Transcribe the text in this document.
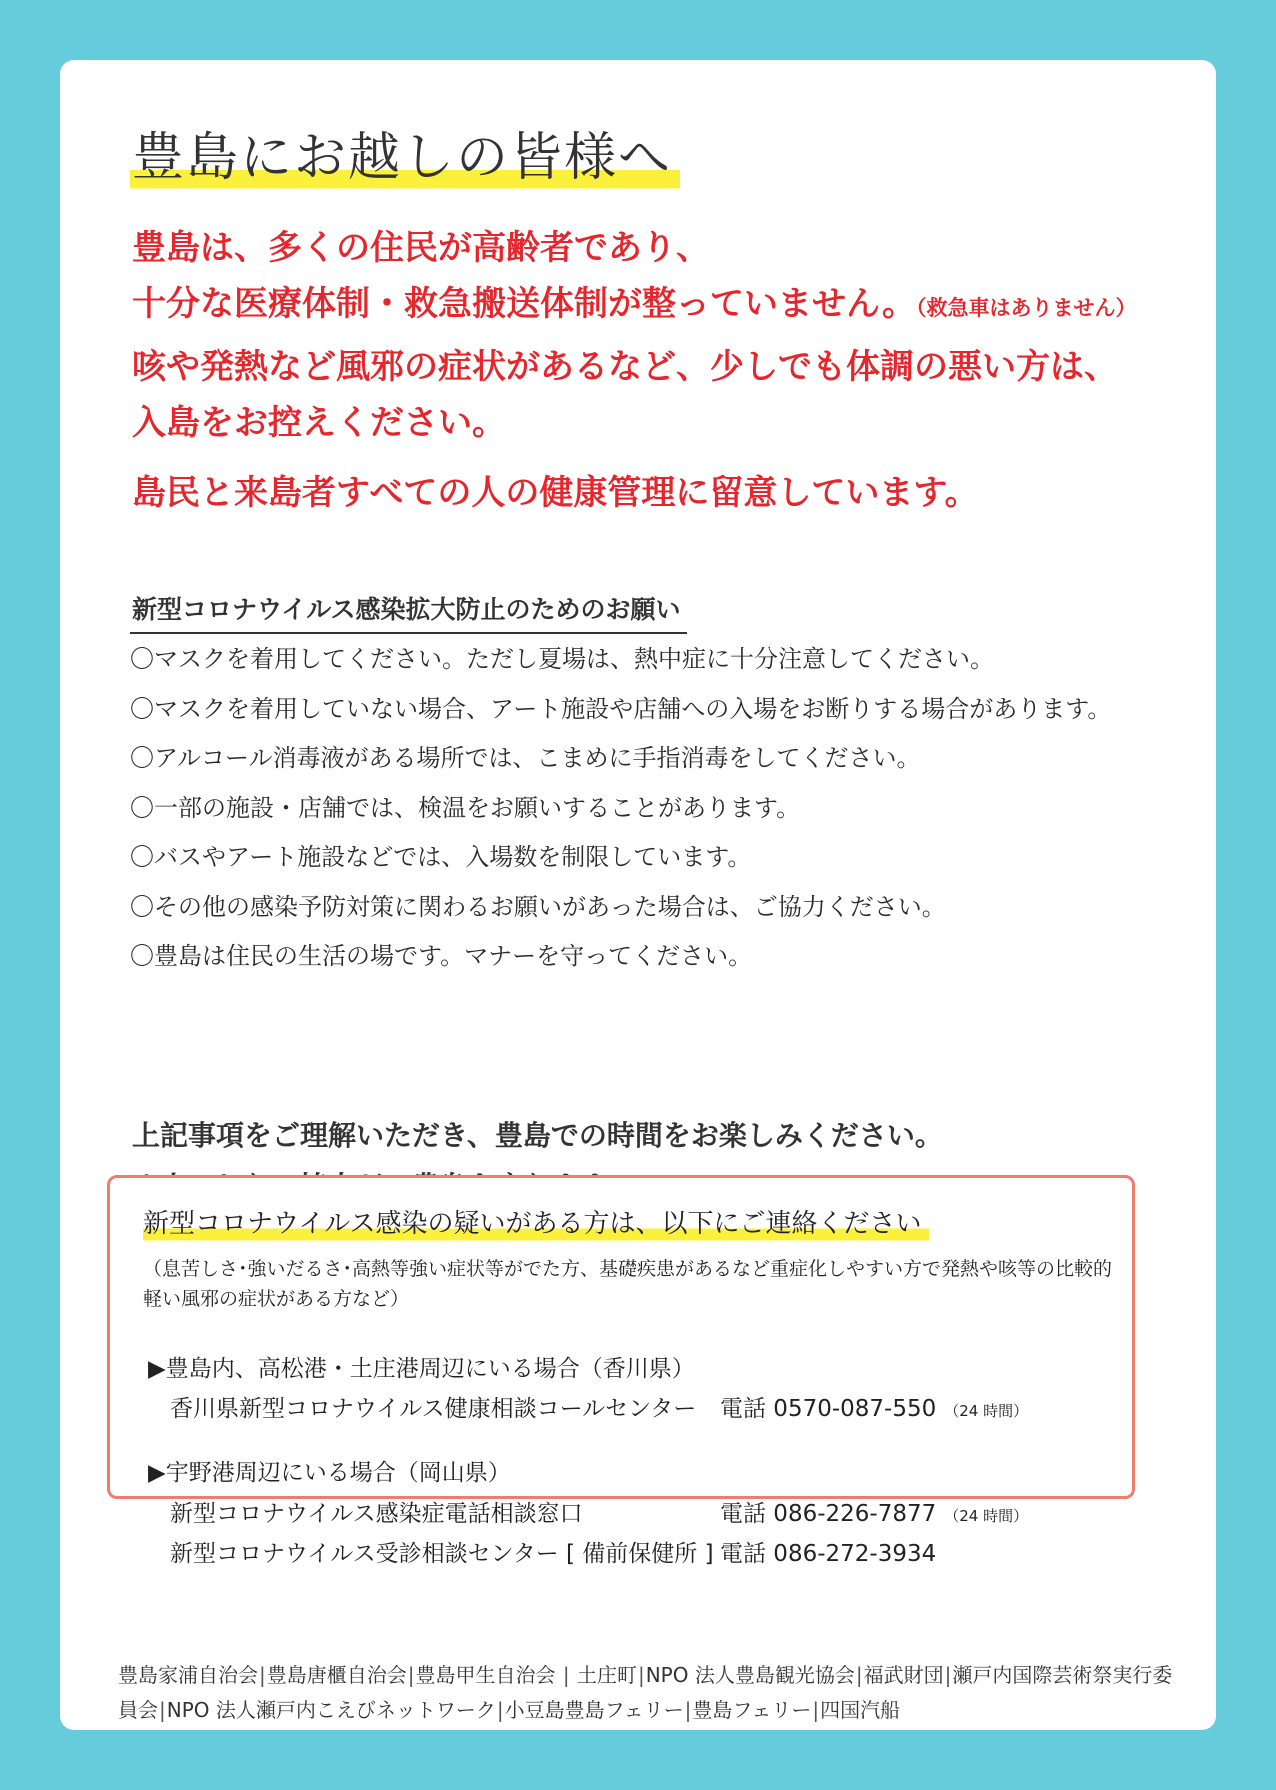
豊島にお越しの皆様へ
豊島は、多くの住民が高齢者であり、
十分な医療体制・救急搬送体制が整っていません。（救急車はありません）
咳や発熱など風邪の症状があるなど、少しでも体調の悪い方は、
入島をお控えください。
島民と来島者すべての人の健康管理に留意しています。
新型コロナウイルス感染拡大防止のためのお願い
〇マスクを着用してください。ただし夏場は、熱中症に十分注意してください。
〇マスクを着用していない場合、アート施設や店舗への入場をお断りする場合があります。
〇アルコール消毒液がある場所では、こまめに手指消毒をしてください。
〇一部の施設・店舗では、検温をお願いすることがあります。
〇バスやアート施設などでは、入場数を制限しています。
〇その他の感染予防対策に関わるお願いがあった場合は、ご協力ください。
〇豊島は住民の生活の場です。マナーを守ってください。
上記事項をご理解いただき、豊島での時間をお楽しみください。
新型コロナウイルス感染の疑いがある方は、以下にご連絡ください
（息苦しさ･強いだるさ･高熱等強い症状等がでた方、基礎疾患があるなど重症化しやすい方で発熱や咳等の比較的軽い風邪の症状がある方など）
▶豊島内、高松港・土庄港周辺にいる場合（香川県）
香川県新型コロナウイルス健康相談コールセンター 電話 0570-087-550 （24 時間）
▶宇野港周辺にいる場合（岡山県）
新型コロナウイルス感染症電話相談窓口	電話 086-226-7877 （24 時間）
新型コロナウイルス受診相談センター [ 備前保健所 ] 電話 086-272-3934
豊島家浦自治会|豊島唐櫃自治会|豊島甲生自治会 | 土庄町|NPO 法人豊島観光協会|福武財団|瀬戸内国際芸術祭実行委員会|NPO 法人瀬戸内こえびネットワーク|小豆島豊島フェリー|豊島フェリー|四国汽船
